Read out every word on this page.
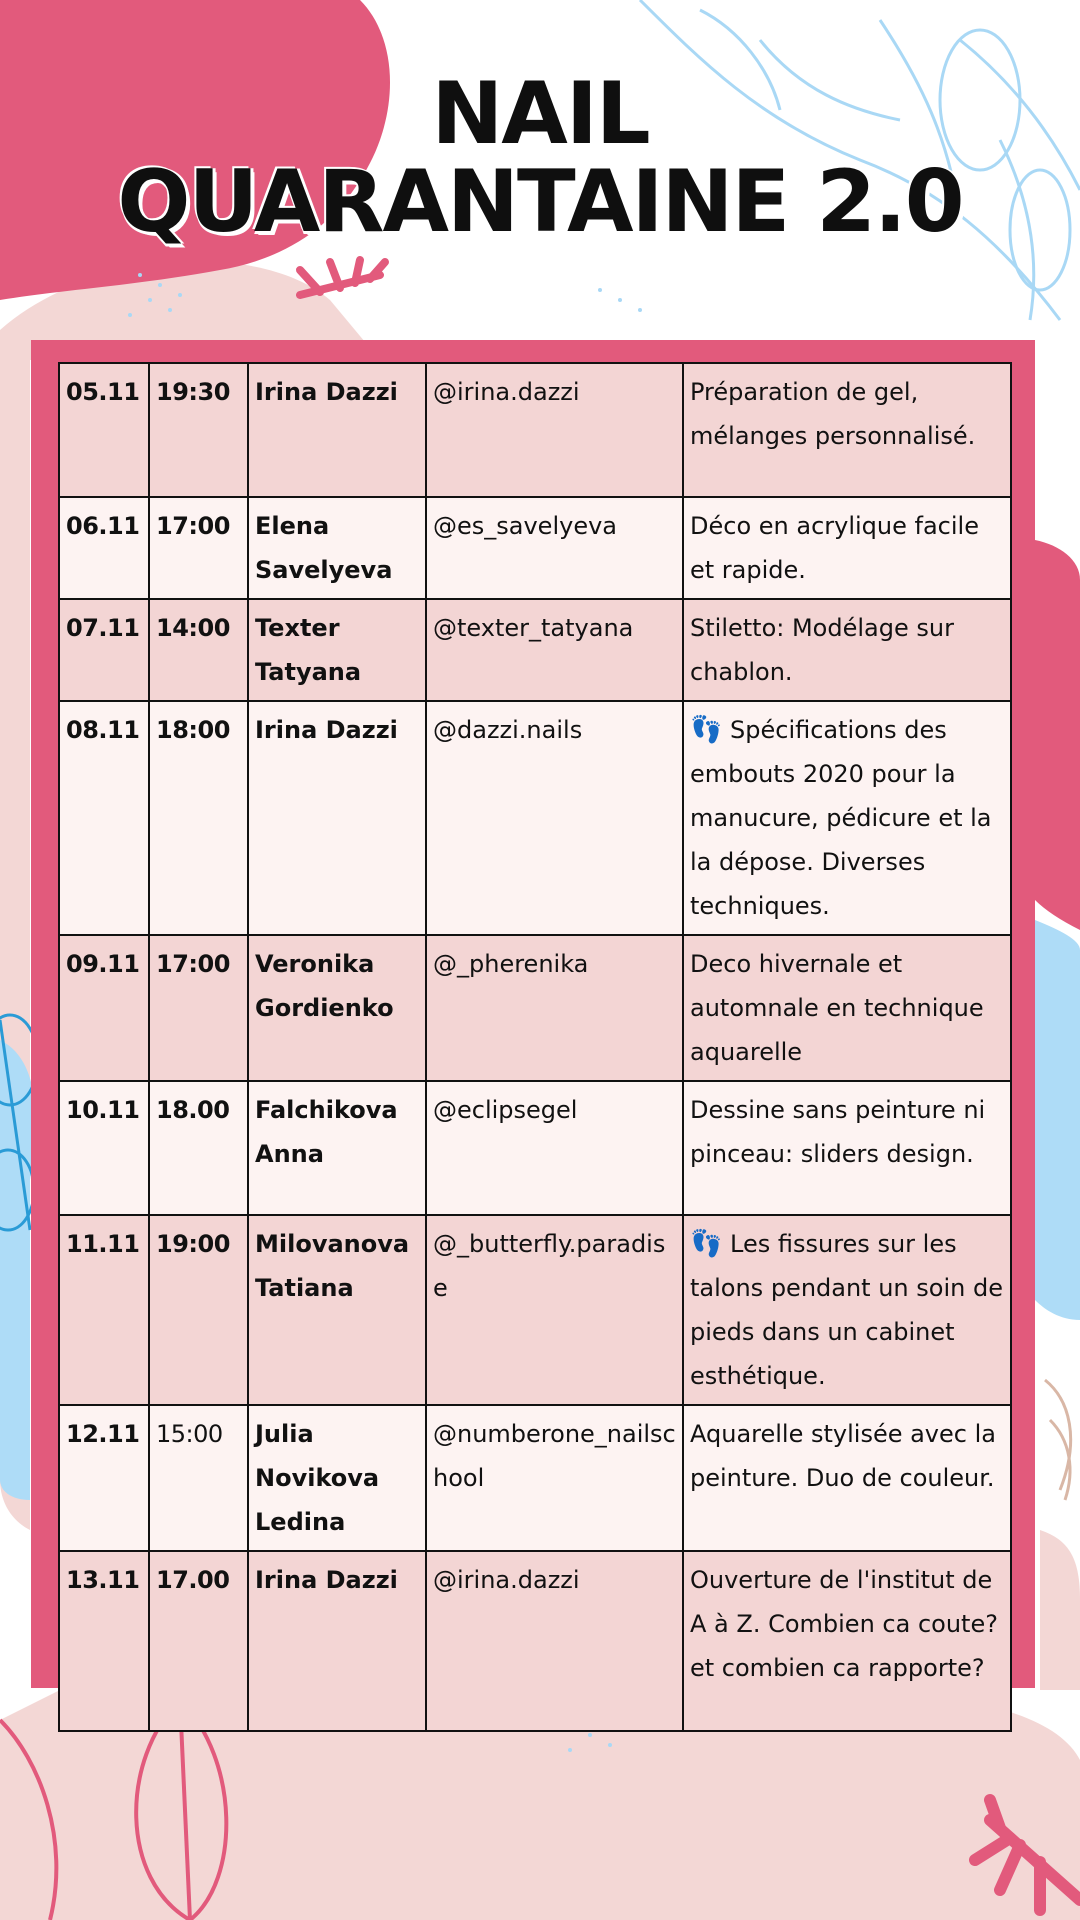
NAIL
QUARANTAINE 2.0
05.11	19:30	Irina Dazzi	@irina.dazzi	Préparation de gel, mélanges personnalisé.
06.11	17:00	Elena Savelyeva	@es_savelyeva	Déco en acrylique facile et rapide.
07.11	14:00	Texter Tatyana	@texter_tatyana	Stiletto: Modélage sur chablon.
08.11	18:00	Irina Dazzi	@dazzi.nails	👣 Spécifications des embouts 2020 pour la manucure, pédicure et la la dépose. Diverses techniques.
09.11	17:00	Veronika Gordienko	@_pherenika	Deco hivernale et automnale en technique aquarelle
10.11	18.00	Falchikova Anna	@eclipsegel	Dessine sans peinture ni pinceau: sliders design.
11.11	19:00	Milovanova Tatiana	@_butterfly.paradise	👣 Les fissures sur les talons pendant un soin de pieds dans un cabinet esthétique.
12.11	15:00	Julia Novikova Ledina	@numberone_nailschool	Aquarelle stylisée avec la peinture. Duo de couleur.
13.11	17.00	Irina Dazzi	@irina.dazzi	Ouverture de l'institut de A à Z. Combien ca coute? et combien ca rapporte?
